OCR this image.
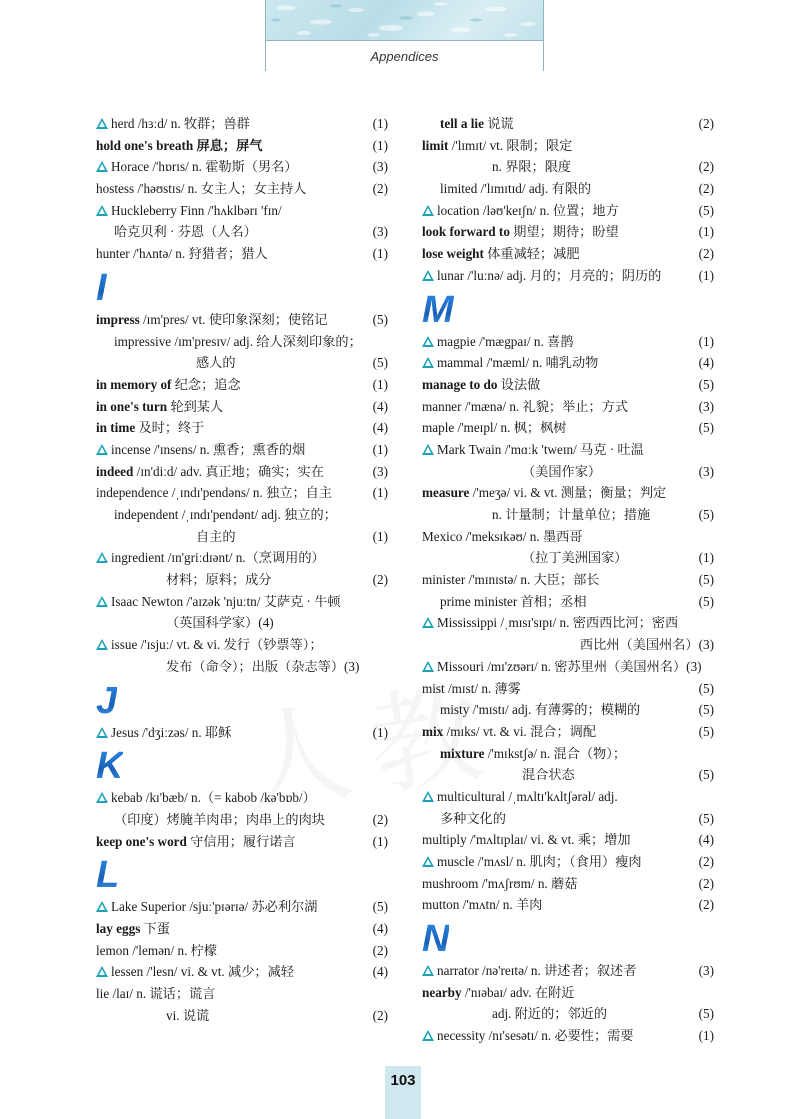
Appendices
herd /hɜːd/ n. 牧群；兽群	(1)
hold one's breath 屏息；屏气	(1)
Horace /'hɒrɪs/ n. 霍勒斯（男名）	(3)
hostess /'həʊstɪs/ n. 女主人；女主持人	(2)
Huckleberry Finn /'hʌklbərɪ 'fɪn/
哈克贝利 · 芬恩（人名）	(3)
hunter /'hʌntə/ n. 狩猎者；猎人	(1)
I
impress /ɪm'pres/ vt. 使印象深刻；使铭记	(5)
impressive /ɪm'presɪv/ adj. 给人深刻印象的；
感人的	(5)
in memory of 纪念；追念	(1)
in one's turn 轮到某人	(4)
in time 及时；终于	(4)
incense /'ɪnsens/ n. 熏香；熏香的烟	(1)
indeed /ɪn'diːd/ adv. 真正地；确实；实在	(3)
independence /ˌɪndɪ'pendəns/ n. 独立；自主	(1)
independent /ˌɪndɪ'pendənt/ adj. 独立的；
自主的	(1)
ingredient /ɪn'griːdɪənt/ n.（烹调用的）
材料；原料；成分	(2)
Isaac Newton /'aɪzək 'njuːtn/ 艾萨克 · 牛顿
（英国科学家）(4)
issue /'ɪsjuː/ vt. & vi. 发行（钞票等）；
发布（命令）；出版（杂志等）(3)
J
Jesus /'dʒiːzəs/ n. 耶稣	(1)
K
kebab /kɪ'bæb/ n.（= kabob /kə'bɒb/）
（印度）烤腌羊肉串；肉串上的肉块	(2)
keep one's word 守信用；履行诺言	(1)
L
Lake Superior /sjuː'pɪərɪə/ 苏必利尔湖	(5)
lay eggs 下蛋	(4)
lemon /'lemən/ n. 柠檬	(2)
lessen /'lesn/ vi. & vt. 减少；减轻	(4)
lie /laɪ/ n. 谎话；谎言
vi. 说谎	(2)
tell a lie 说谎	(2)
limit /'lɪmɪt/ vt. 限制；限定
n. 界限；限度	(2)
limited /'lɪmɪtɪd/ adj. 有限的	(2)
location /ləʊ'keɪʃn/ n. 位置；地方	(5)
look forward to 期望；期待；盼望	(1)
lose weight 体重减轻；减肥	(2)
lunar /'luːnə/ adj. 月的；月亮的；阴历的	(1)
M
magpie /'mægpaɪ/ n. 喜鹊	(1)
mammal /'mæml/ n. 哺乳动物	(4)
manage to do 设法做	(5)
manner /'mænə/ n. 礼貌；举止；方式	(3)
maple /'meɪpl/ n. 枫；枫树	(5)
Mark Twain /'mɑːk 'tweɪn/ 马克 · 吐温
（美国作家）	(3)
measure /'meʒə/ vi. & vt. 测量；衡量；判定
n. 计量制；计量单位；措施	(5)
Mexico /'meksɪkəʊ/ n. 墨西哥
（拉丁美洲国家）	(1)
minister /'mɪnɪstə/ n. 大臣；部长	(5)
prime minister 首相；丞相	(5)
Mississippi /ˌmɪsɪ'sɪpɪ/ n. 密西西比河；密西
西比州（美国州名）(3)
Missouri /mɪ'zʊərɪ/ n. 密苏里州（美国州名）(3)
mist /mɪst/ n. 薄雾	(5)
misty /'mɪstɪ/ adj. 有薄雾的；模糊的	(5)
mix /mɪks/ vt. & vi. 混合；调配	(5)
mixture /'mɪkstʃə/ n. 混合（物）；
混合状态	(5)
multicultural /ˌmʌltɪ'kʌltʃərəl/ adj.
多种文化的	(5)
multiply /'mʌltɪplaɪ/ vi. & vt. 乘；增加	(4)
muscle /'mʌsl/ n. 肌肉；（食用）瘦肉	(2)
mushroom /'mʌʃrʊm/ n. 蘑菇	(2)
mutton /'mʌtn/ n. 羊肉	(2)
N
narrator /nə'reɪtə/ n. 讲述者；叙述者	(3)
nearby /'nɪəbaɪ/ adv. 在附近
adj. 附近的；邻近的	(5)
necessity /nɪ'sesətɪ/ n. 必要性；需要	(1)
103
